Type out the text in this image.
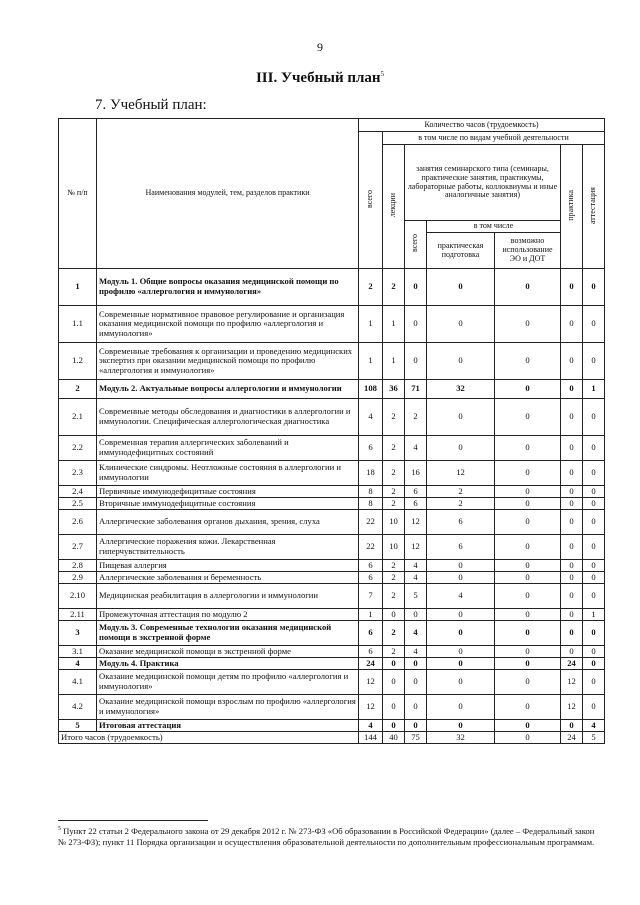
9
III. Учебный план$^5$
7. Учебный план:
№ п/п	Наименования модулей, тем, разделов практики	Количество часов (трудоемкость)						
		всего	в том числе по видам учебной деятельности					
			лекции	занятия семинарского типа (семинары, практические занятия, практикумы, лабораторные работы, коллоквиумы и иные аналогичные занятия)			практика	аттестация
				всего	в том числе			
					практическая подготовка	возможно использование ЭО и ДОТ		
1	Модуль 1. Общие вопросы оказания медицинской помощи по профилю «аллергология и иммунология»	2	2	0	0	0	0	0
1.1	Современные нормативное правовое регулирование и организация оказания медицинской помощи по профилю «аллергология и иммунология»	1	1	0	0	0	0	0
1.2	Современные требования к организации и проведению медицинских экспертиз при оказании медицинской помощи по профилю «аллергология и иммунология»	1	1	0	0	0	0	0
2	Модуль 2. Актуальные вопросы аллергологии и иммунологии	108	36	71	32	0	0	1
2.1	Современные методы обследования и диагностики в аллергологии и иммунологии. Специфическая аллергологическая диагностика	4	2	2	0	0	0	0
2.2	Современная терапия аллергических заболеваний и иммунодефицитных состояний	6	2	4	0	0	0	0
2.3	Клинические синдромы. Неотложные состояния в аллергологии и иммунологии	18	2	16	12	0	0	0
2.4	Первичные иммунодефицитные состояния	8	2	6	2	0	0	0
2.5	Вторичные иммунодефицитные состояния	8	2	6	2	0	0	0
2.6	Аллергические заболевания органов дыхания, зрения, слуха	22	10	12	6	0	0	0
2.7	Аллергические поражения кожи. Лекарственная гиперчувствительность	22	10	12	6	0	0	0
2.8	Пищевая аллергия	6	2	4	0	0	0	0
2.9	Аллергические заболевания и беременность	6	2	4	0	0	0	0
2.10	Медицинская реабилитация в аллергологии и иммунологии	7	2	5	4	0	0	0
2.11	Промежуточная аттестация по модулю 2	1	0	0	0	0	0	1
3	Модуль 3. Современные технологии оказания медицинской помощи в экстренной форме	6	2	4	0	0	0	0
3.1	Оказание медицинской помощи в экстренной форме	6	2	4	0	0	0	0
4	Модуль 4. Практика	24	0	0	0	0	24	0
4.1	Оказание медицинской помощи детям по профилю «аллергология и иммунология»	12	0	0	0	0	12	0
4.2	Оказание медицинской помощи взрослым по профилю «аллергология и иммунология»	12	0	0	0	0	12	0
5	Итоговая аттестация	4	0	0	0	0	0	4
Итого часов (трудоемкость)		144	40	75	32	0	24	5
$^5$ Пункт 22 статьи 2 Федерального закона от 29 декабря 2012 г. № 273-ФЗ «Об образовании в Российской Федерации» (далее – Федеральный закон № 273-ФЗ); пункт 11 Порядка организации и осуществления образовательной деятельности по дополнительным профессиональным программам.
